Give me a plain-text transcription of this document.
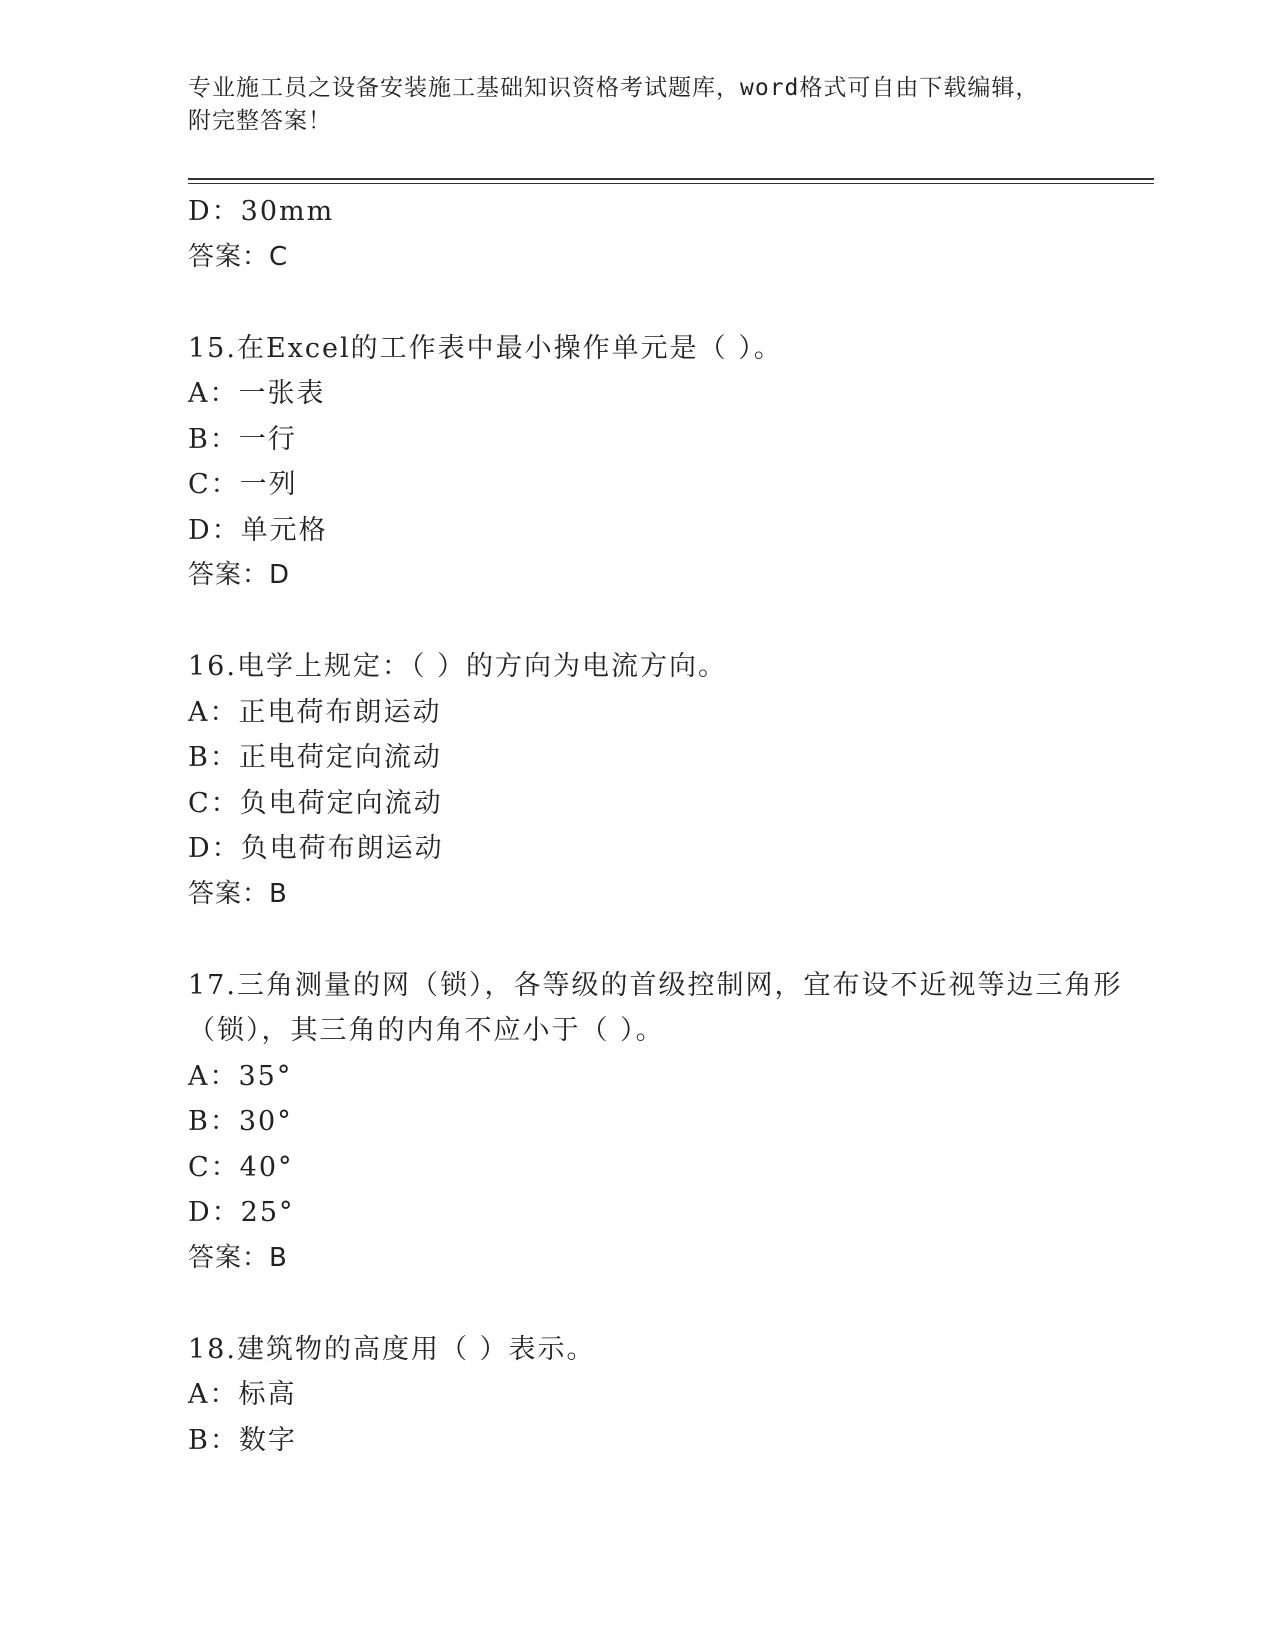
专业施工员之设备安装施工基础知识资格考试题库，word格式可自由下载编辑，
附完整答案！
D：30mm
答案：C
15.在Excel的工作表中最小操作单元是（ ）。
A：一张表
B：一行
C：一列
D：单元格
答案：D
16.电学上规定：（ ）的方向为电流方向。
A：正电荷布朗运动
B：正电荷定向流动
C：负电荷定向流动
D：负电荷布朗运动
答案：B
17.三角测量的网（锁），各等级的首级控制网，宜布设不近视等边三角形（锁），其三角的内角不应小于（ ）。
A：35°
B：30°
C：40°
D：25°
答案：B
18.建筑物的高度用（ ）表示。
A：标高
B：数字
